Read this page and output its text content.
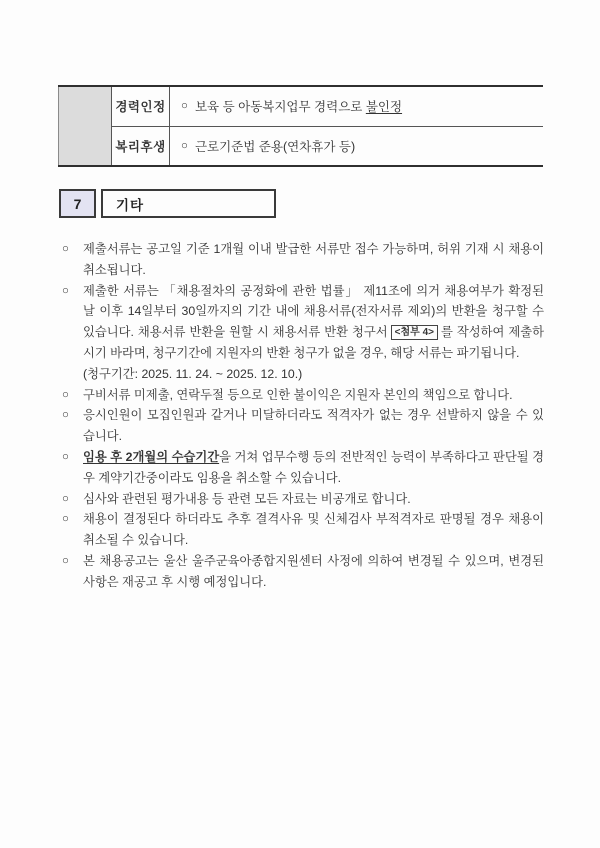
경력인정	○ 보육 등 아동복지업무 경력으로 불인정
복리후생	○ 근로기준법 준용(연차휴가 등)
7	기타
○	제출서류는 공고일 기준 1개월 이내 발급한 서류만 접수 가능하며, 허위 기재 시 채용이 취소됩니다.
○	제출한 서류는 「채용절차의 공정화에 관한 법률」 제11조에 의거 채용여부가 확정된 날 이후 14일부터 30일까지의 기간 내에 채용서류(전자서류 제외)의 반환을 청구할 수 있습니다. 채용서류 반환을 원할 시 채용서류 반환 청구서 <첨부 4> 를 작성하여 제출하시기 바라며, 청구기간에 지원자의 반환 청구가 없을 경우, 해당 서류는 파기됩니다.
(청구기간: 2025. 11. 24. ~ 2025. 12. 10.)
○	구비서류 미제출, 연락두절 등으로 인한 불이익은 지원자 본인의 책임으로 합니다.
○	응시인원이 모집인원과 같거나 미달하더라도 적격자가 없는 경우 선발하지 않을 수 있습니다.
○	임용 후 2개월의 수습기간을 거쳐 업무수행 등의 전반적인 능력이 부족하다고 판단될 경우 계약기간중이라도 임용을 취소할 수 있습니다.
○	심사와 관련된 평가내용 등 관련 모든 자료는 비공개로 합니다.
○	채용이 결정된다 하더라도 추후 결격사유 및 신체검사 부적격자로 판명될 경우 채용이 취소될 수 있습니다.
○	본 채용공고는 울산 울주군육아종합지원센터 사정에 의하여 변경될 수 있으며, 변경된 사항은 재공고 후 시행 예정입니다.
